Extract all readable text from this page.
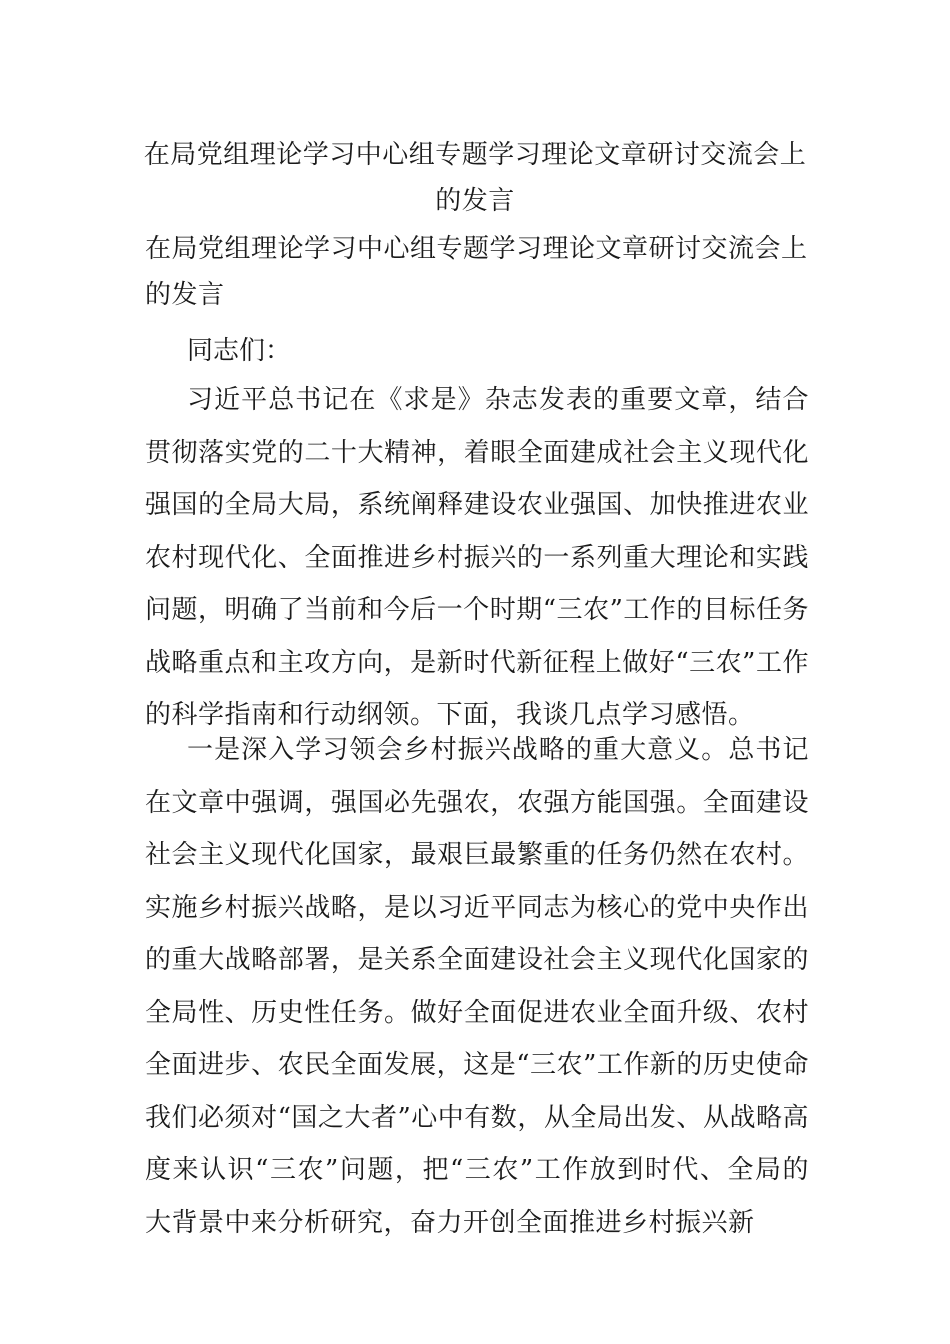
在局党组理论学习中心组专题学习理论文章研讨交流会上的发言

在局党组理论学习中心组专题学习理论文章研讨交流会上的发言

同志们：

习近平总书记在《求是》杂志发表的重要文章，结合贯彻落实党的二十大精神，着眼全面建成社会主义现代化强国的全局大局，系统阐释建设农业强国、加快推进农业农村现代化、全面推进乡村振兴的一系列重大理论和实践问题，明确了当前和今后一个时期“三农”工作的目标任务战略重点和主攻方向，是新时代新征程上做好“三农”工作的科学指南和行动纲领。下面，我谈几点学习感悟。

一是深入学习领会乡村振兴战略的重大意义。总书记在文章中强调，强国必先强农，农强方能国强。全面建设社会主义现代化国家，最艰巨最繁重的任务仍然在农村。实施乡村振兴战略，是以习近平同志为核心的党中央作出的重大战略部署，是关系全面建设社会主义现代化国家的全局性、历史性任务。做好全面促进农业全面升级、农村全面进步、农民全面发展，这是“三农”工作新的历史使命我们必须对“国之大者”心中有数，从全局出发、从战略高度来认识“三农”问题，把“三农”工作放到时代、全局的大背景中来分析研究，奋力开创全面推进乡村振兴新
